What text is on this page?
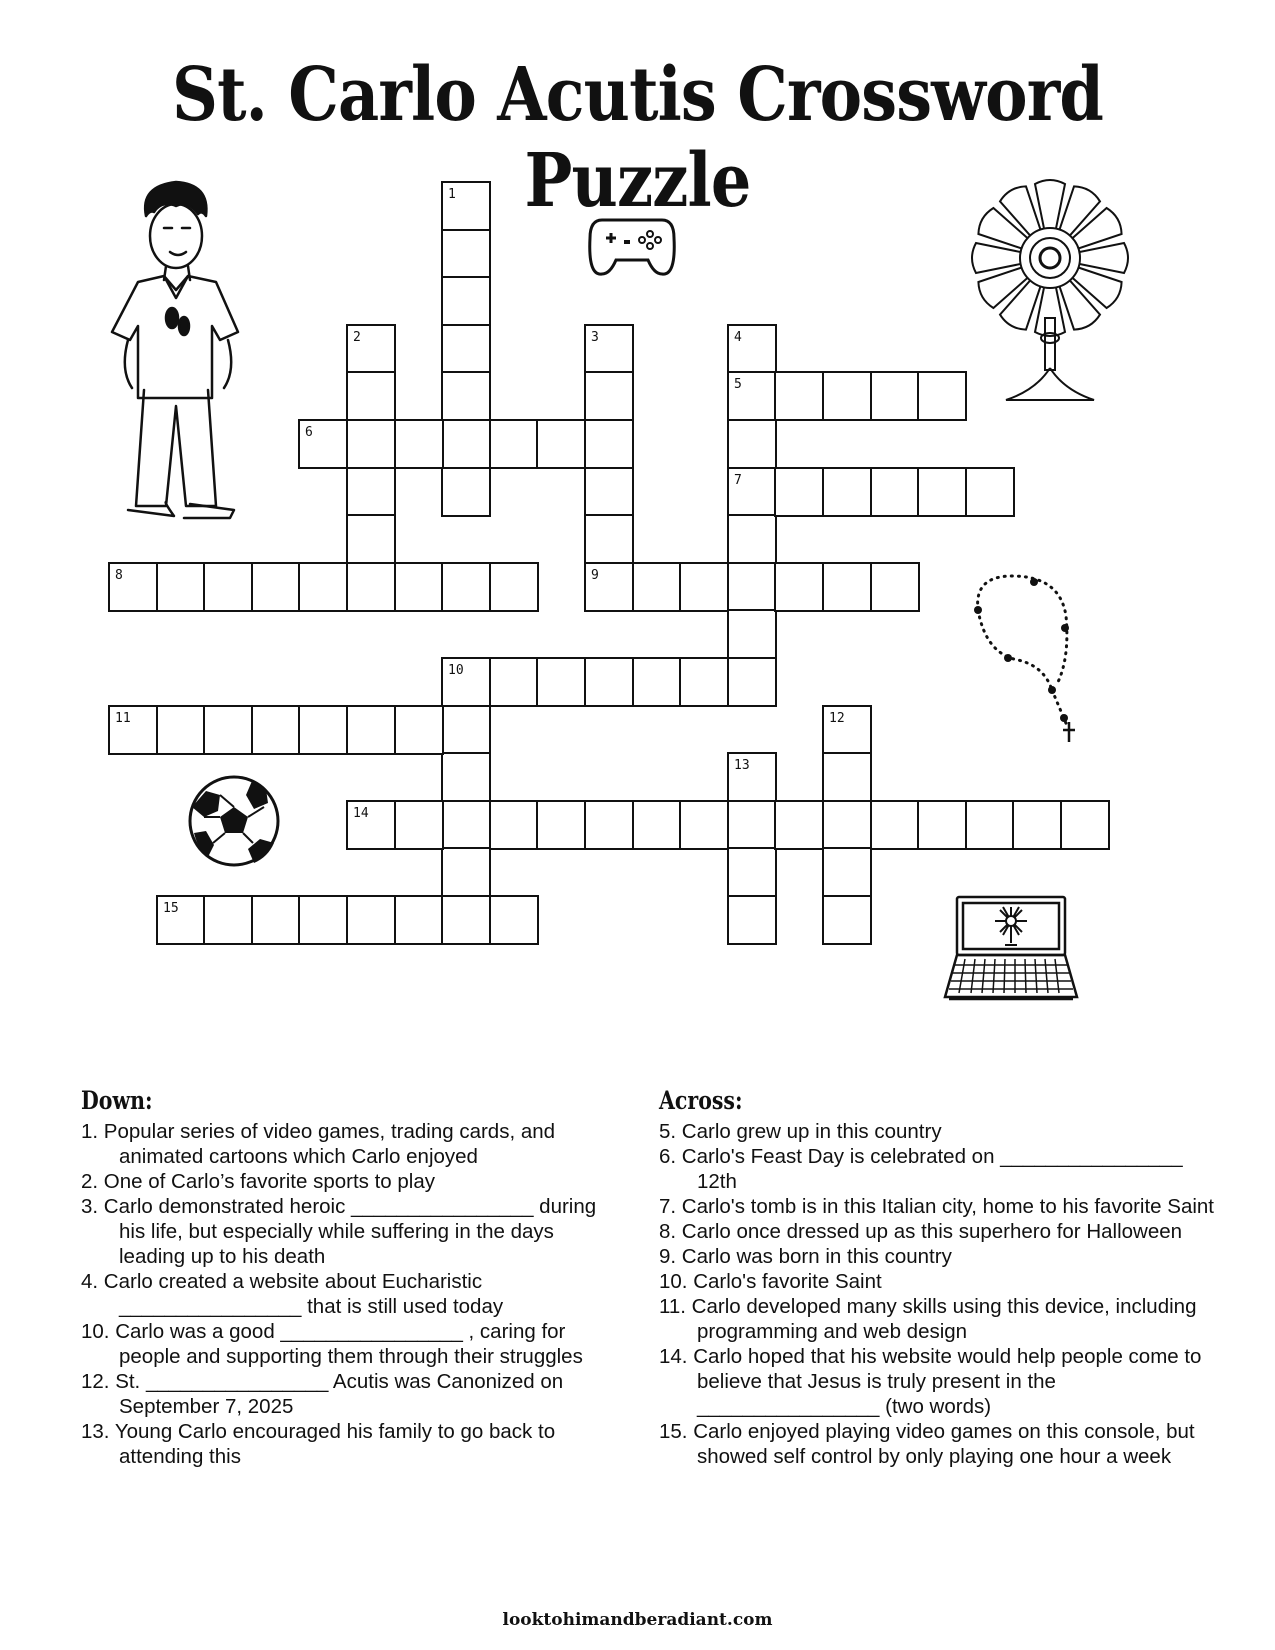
St. Carlo Acutis Crossword Puzzle
1
2	3	4
5
7
6
8	9
10
11	12
13
14
15
Down:

1. Popular series of video games, trading cards, and animated cartoons which Carlo enjoyed

2. One of Carlo’s favorite sports to play

3. Carlo demonstrated heroic ________________ during his life, but especially while suffering in the days leading up to his death

4. Carlo created a website about Eucharistic ________________ that is still used today

10. Carlo was a good ________________ , caring for people and supporting them through their struggles

12. St. ________________ Acutis was Canonized on September 7, 2025

13. Young Carlo encouraged his family to go back to attending this

Across:

5. Carlo grew up in this country

6. Carlo's Feast Day is celebrated on ________________ 12th

7. Carlo's tomb is in this Italian city, home to his favorite Saint

8. Carlo once dressed up as this superhero for Halloween

9. Carlo was born in this country

10. Carlo's favorite Saint

11. Carlo developed many skills using this device, including programming and web design

14. Carlo hoped that his website would help people come to believe that Jesus is truly present in the ________________ (two words)

15. Carlo enjoyed playing video games on this console, but showed self control by only playing one hour a week

looktohimandberadiant.com
